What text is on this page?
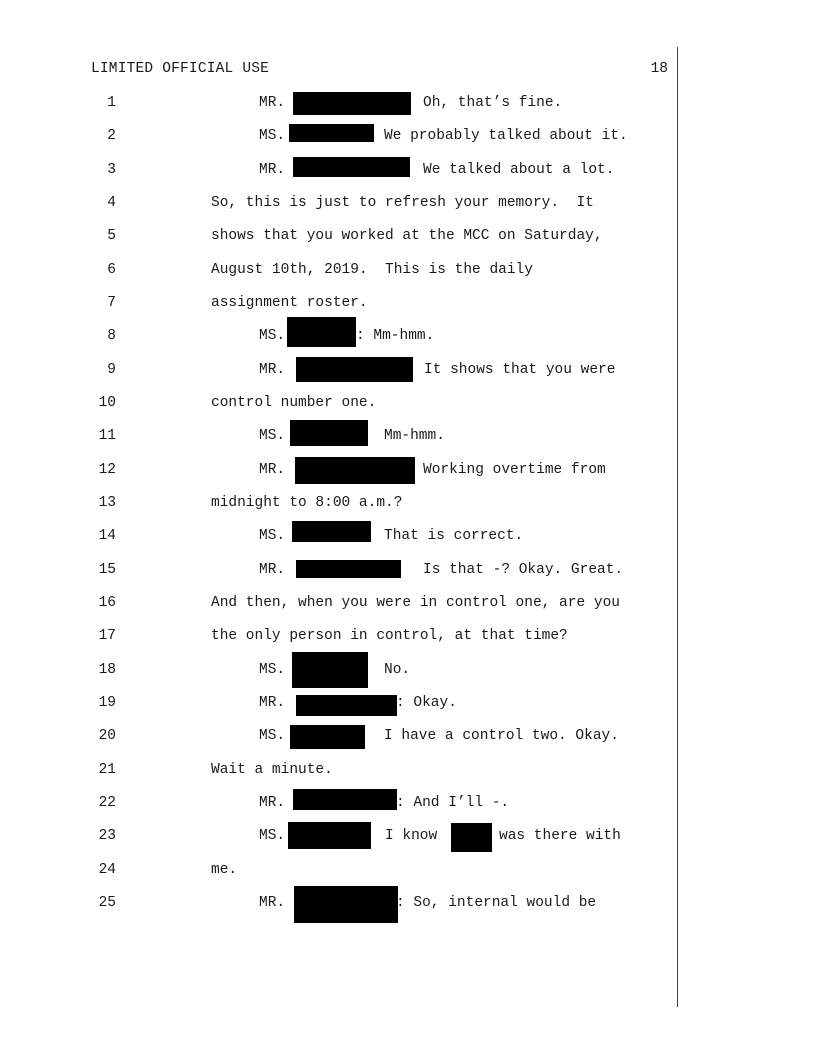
LIMITED OFFICIAL USE	18
1	MR.	Oh, that’s fine.
2	MS.	We probably talked about it.
3	MR.	We talked about a lot.
4	So, this is just to refresh your memory.  It
5	shows that you worked at the MCC on Saturday,
6	August 10th, 2019.  This is the daily
7	assignment roster.
8	MS.	: Mm-hmm.
9	MR.	It shows that you were
10	control number one.
11	MS.	Mm-hmm.
12	MR.	Working overtime from
13	midnight to 8:00 a.m.?
14	MS.	That is correct.
15	MR.	Is that -? Okay. Great.
16	And then, when you were in control one, are you
17	the only person in control, at that time?
18	MS.	No.
19	MR.	: Okay.
20	MS.	I have a control two. Okay.
21	Wait a minute.
22	MR.	: And I’ll -.
23	MS.	I know	was there with
24	me.
25	MR.	: So, internal would be
